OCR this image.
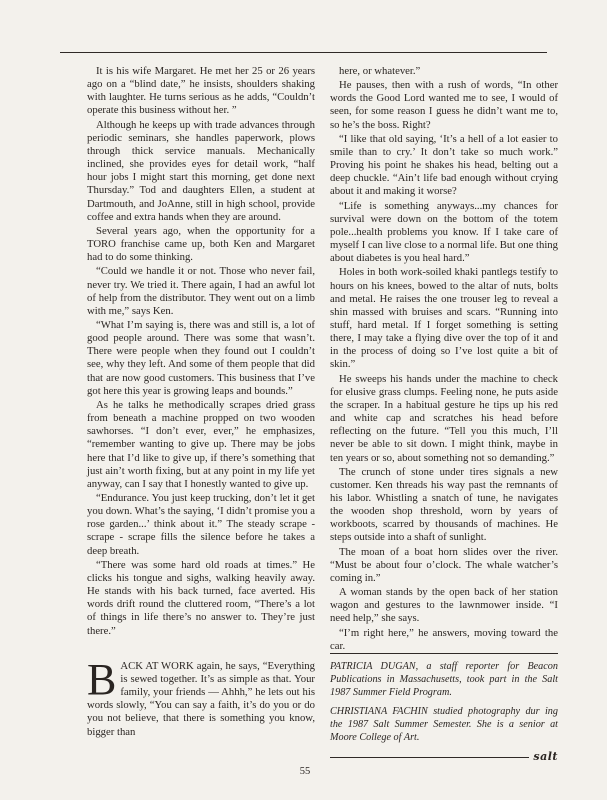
It is his wife Margaret. He met her 25 or 26 years ago on a “blind date,” he insists, shoulders shaking with laughter. He turns serious as he adds, “Couldn’t operate this business without her. ”

Although he keeps up with trade advances through periodic seminars, she handles paperwork, plows through thick service manuals. Mechanically inclined, she provides eyes for detail work, “half hour jobs I might start this morning, get done next Thursday.” Tod and daughters Ellen, a student at Dartmouth, and JoAnne, still in high school, provide coffee and extra hands when they are around.

Several years ago, when the opportunity for a TORO franchise came up, both Ken and Margaret had to do some thinking.

“Could we handle it or not. Those who never fail, never try. We tried it. There again, I had an awful lot of help from the distributor. They went out on a limb with me,” says Ken.

“What I’m saying is, there was and still is, a lot of good people around. There was some that wasn’t. There were people when they found out I couldn’t see, why they left. And some of them people that did that are now good customers. This business that I’ve got here this year is growing leaps and bounds.”

As he talks he methodically scrapes dried grass from beneath a machine propped on two wooden sawhorses. “I don’t ever, ever,” he emphasizes, “remember wanting to give up. There may be jobs here that I’d like to give up, if there’s something that just ain’t worth fixing, but at any point in my life yet anyway, can I say that I honestly wanted to give up.

“Endurance. You just keep trucking, don’t let it get you down. What’s the saying, ‘I didn’t promise you a rose garden...’ think about it.” The steady scrape - scrape - scrape fills the silence before he takes a deep breath.

“There was some hard old roads at times.” He clicks his tongue and sighs, walking heavily away. He stands with his back turned, face averted. His words drift round the cluttered room, “There’s a lot of things in life there’s no answer to. They’re just there.”

BACK AT WORK again, he says, “Everything is sewed together. It’s as simple as that. Your family, your friends — Ahhh,” he lets out his words slowly, “You can say a faith, it’s do you or do you not believe, that there is something you know, bigger than

here, or whatever.”

He pauses, then with a rush of words, “In other words the Good Lord wanted me to see, I would of seen, for some reason I guess he didn’t want me to, so he’s the boss. Right?

“I like that old saying, ‘It’s a hell of a lot easier to smile than to cry.’ It don’t take so much work.” Proving his point he shakes his head, belting out a deep chuckle. “Ain’t life bad enough without crying about it and making it worse?

“Life is something anyways...my chances for survival were down on the bottom of the totem pole...health problems you know. If I take care of myself I can live close to a normal life. But one thing about diabetes is you heal hard.”

Holes in both work-soiled khaki pantlegs testify to hours on his knees, bowed to the altar of nuts, bolts and metal. He raises the one trouser leg to reveal a shin massed with bruises and scars. “Running into stuff, hard metal. If I forget something is setting there, I may take a flying dive over the top of it and in the process of doing so I’ve lost quite a bit of skin.”

He sweeps his hands under the machine to check for elusive grass clumps. Feeling none, he puts aside the scraper. In a habitual gesture he tips up his red and white cap and scratches his head before reflecting on the future. “Tell you this much, I’ll never be able to sit down. I might think, maybe in ten years or so, about something not so demanding.”

The crunch of stone under tires signals a new customer. Ken threads his way past the remnants of his labor. Whistling a snatch of tune, he navigates the wooden shop threshold, worn by years of workboots, scarred by thousands of machines. He steps outside into a shaft of sunlight.

The moan of a boat horn slides over the river. “Must be about four o’clock. The whale watcher’s coming in.”

A woman stands by the open back of her station wagon and gestures to the lawnmower inside. “I need help,” she says.

“I’m right here,” he answers, moving toward the car.

PATRICIA DUGAN, a staff reporter for Beacon Publications in Massachusetts, took part in the Salt 1987 Summer Field Program.

CHRISTIANA FACHIN studied photography dur ing the 1987 Salt Summer Semester. She is a senior at Moore College of Art.

salt
55
